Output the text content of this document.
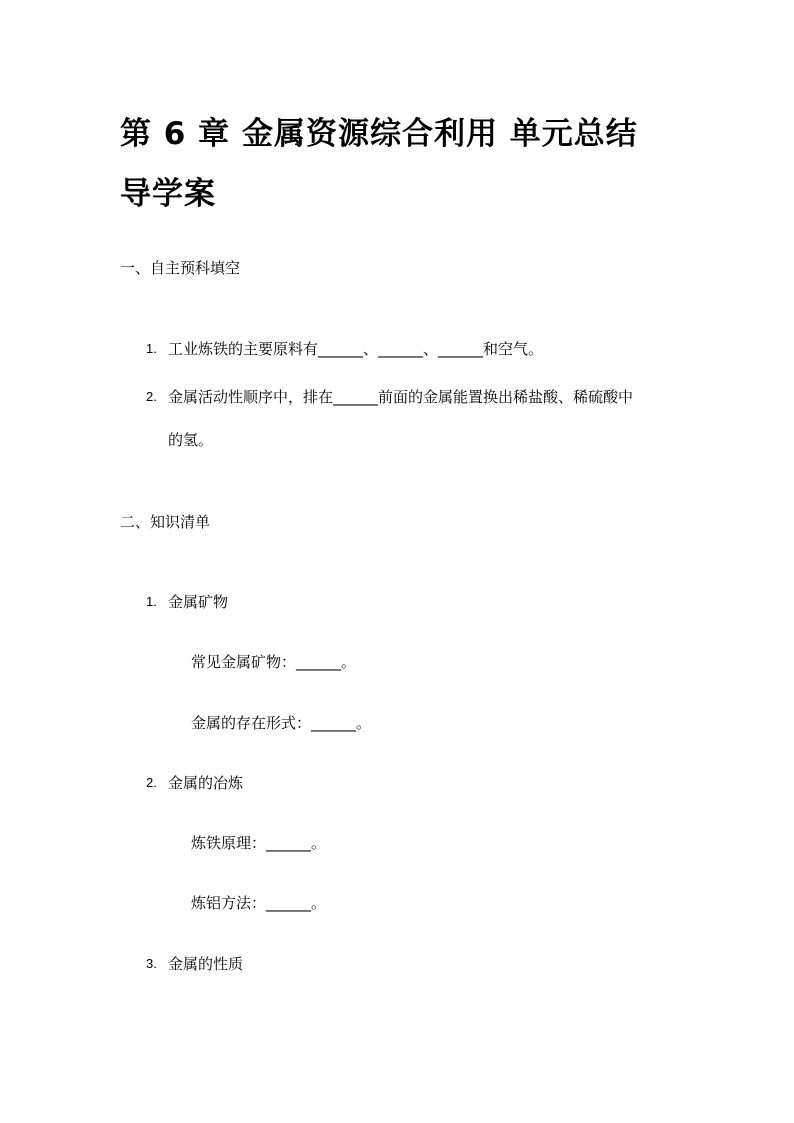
第 6 章 金属资源综合利用 单元总结
导学案
一、自主预科填空
1. 工业炼铁的主要原料有______、______、______和空气。
2. 金属活动性顺序中，排在______前面的金属能置换出稀盐酸、稀硫酸中
的氢。
二、知识清单
1. 金属矿物
常见金属矿物：______。
金属的存在形式：______。
2. 金属的冶炼
炼铁原理：______。
炼铝方法：______。
3. 金属的性质
